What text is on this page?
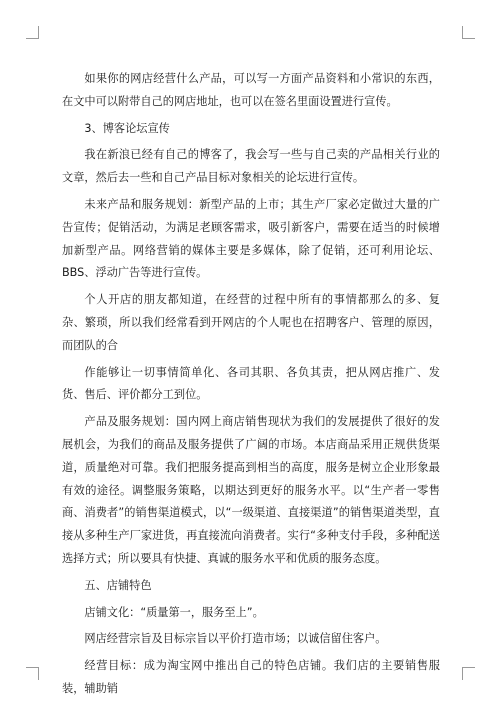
如果你的网店经营什么产品，可以写一方面产品资料和小常识的东西，在文中可以附带自己的网店地址，也可以在签名里面设置进行宣传。

3、博客论坛宣传

我在新浪已经有自己的博客了，我会写一些与自己卖的产品相关行业的文章，然后去一些和自己产品目标对象相关的论坛进行宣传。

未来产品和服务规划：新型产品的上市；其生产厂家必定做过大量的广告宣传；促销活动，为满足老顾客需求，吸引新客户，需要在适当的时候增加新型产品。网络营销的媒体主要是多媒体，除了促销，还可利用论坛、BBS、浮动广告等进行宣传。

个人开店的朋友都知道，在经营的过程中所有的事情都那么的多、复杂、繁琐，所以我们经常看到开网店的个人呢也在招聘客户、管理的原因，而团队的合

作能够让一切事情简单化、各司其职、各负其责，把从网店推广、发货、售后、评价都分工到位。

产品及服务规划：国内网上商店销售现状为我们的发展提供了很好的发展机会，为我们的商品及服务提供了广阔的市场。本店商品采用正规供货渠道，质量绝对可靠。我们把服务提高到相当的高度，服务是树立企业形象最有效的途径。调整服务策略，以期达到更好的服务水平。以“生产者一零售商、消费者”的销售渠道模式，以“一级渠道、直接渠道”的销售渠道类型，直接从多种生产厂家进货，再直接流向消费者。实行“多种支付手段，多种配送选择方式；所以要具有快捷、真诚的服务水平和优质的服务态度。

五、店铺特色

店铺文化：“质量第一，服务至上”。

网店经营宗旨及目标宗旨以平价打造市场；以诚信留住客户。

经营目标：成为淘宝网中推出自己的特色店铺。我们店的主要销售服装，辅助销
